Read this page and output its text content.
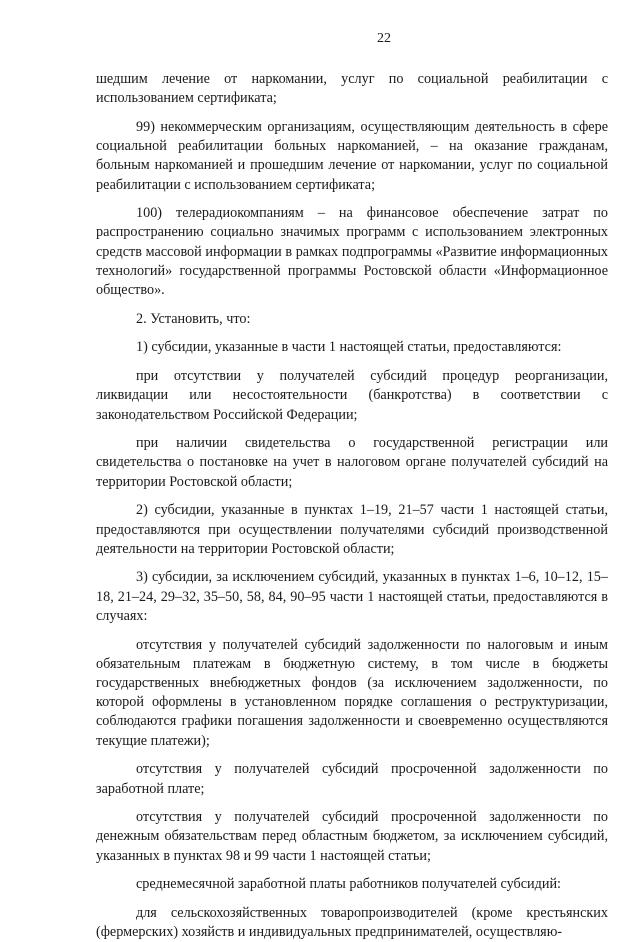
22

шедшим лечение от наркомании, услуг по социальной реабилитации с использованием сертификата;

99) некоммерческим организациям, осуществляющим деятельность в сфере социальной реабилитации больных наркоманией, – на оказание гражданам, больным наркоманией и прошедшим лечение от наркомании, услуг по социальной реабилитации с использованием сертификата;

100) телерадиокомпаниям – на финансовое обеспечение затрат по распространению социально значимых программ с использованием электронных средств массовой информации в рамках подпрограммы «Развитие информационных технологий» государственной программы Ростовской области «Информационное общество».

2. Установить, что:

1) субсидии, указанные в части 1 настоящей статьи, предоставляются:

при отсутствии у получателей субсидий процедур реорганизации, ликвидации или несостоятельности (банкротства) в соответствии с законодательством Российской Федерации;

при наличии свидетельства о государственной регистрации или свидетельства о постановке на учет в налоговом органе получателей субсидий на территории Ростовской области;

2) субсидии, указанные в пунктах 1–19, 21–57 части 1 настоящей статьи, предоставляются при осуществлении получателями субсидий производственной деятельности на территории Ростовской области;

3) субсидии, за исключением субсидий, указанных в пунктах 1–6, 10–12, 15–18, 21–24, 29–32, 35–50, 58, 84, 90–95 части 1 настоящей статьи, предоставляются в случаях:

отсутствия у получателей субсидий задолженности по налоговым и иным обязательным платежам в бюджетную систему, в том числе в бюджеты государственных внебюджетных фондов (за исключением задолженности, по которой оформлены в установленном порядке соглашения о реструктуризации, соблюдаются графики погашения задолженности и своевременно осуществляются текущие платежи);

отсутствия у получателей субсидий просроченной задолженности по заработной плате;

отсутствия у получателей субсидий просроченной задолженности по денежным обязательствам перед областным бюджетом, за исключением субсидий, указанных в пунктах 98 и 99 части 1 настоящей статьи;

среднемесячной заработной платы работников получателей субсидий:

для сельскохозяйственных товаропроизводителей (кроме крестьянских (фермерских) хозяйств и индивидуальных предпринимателей, осуществляю-
